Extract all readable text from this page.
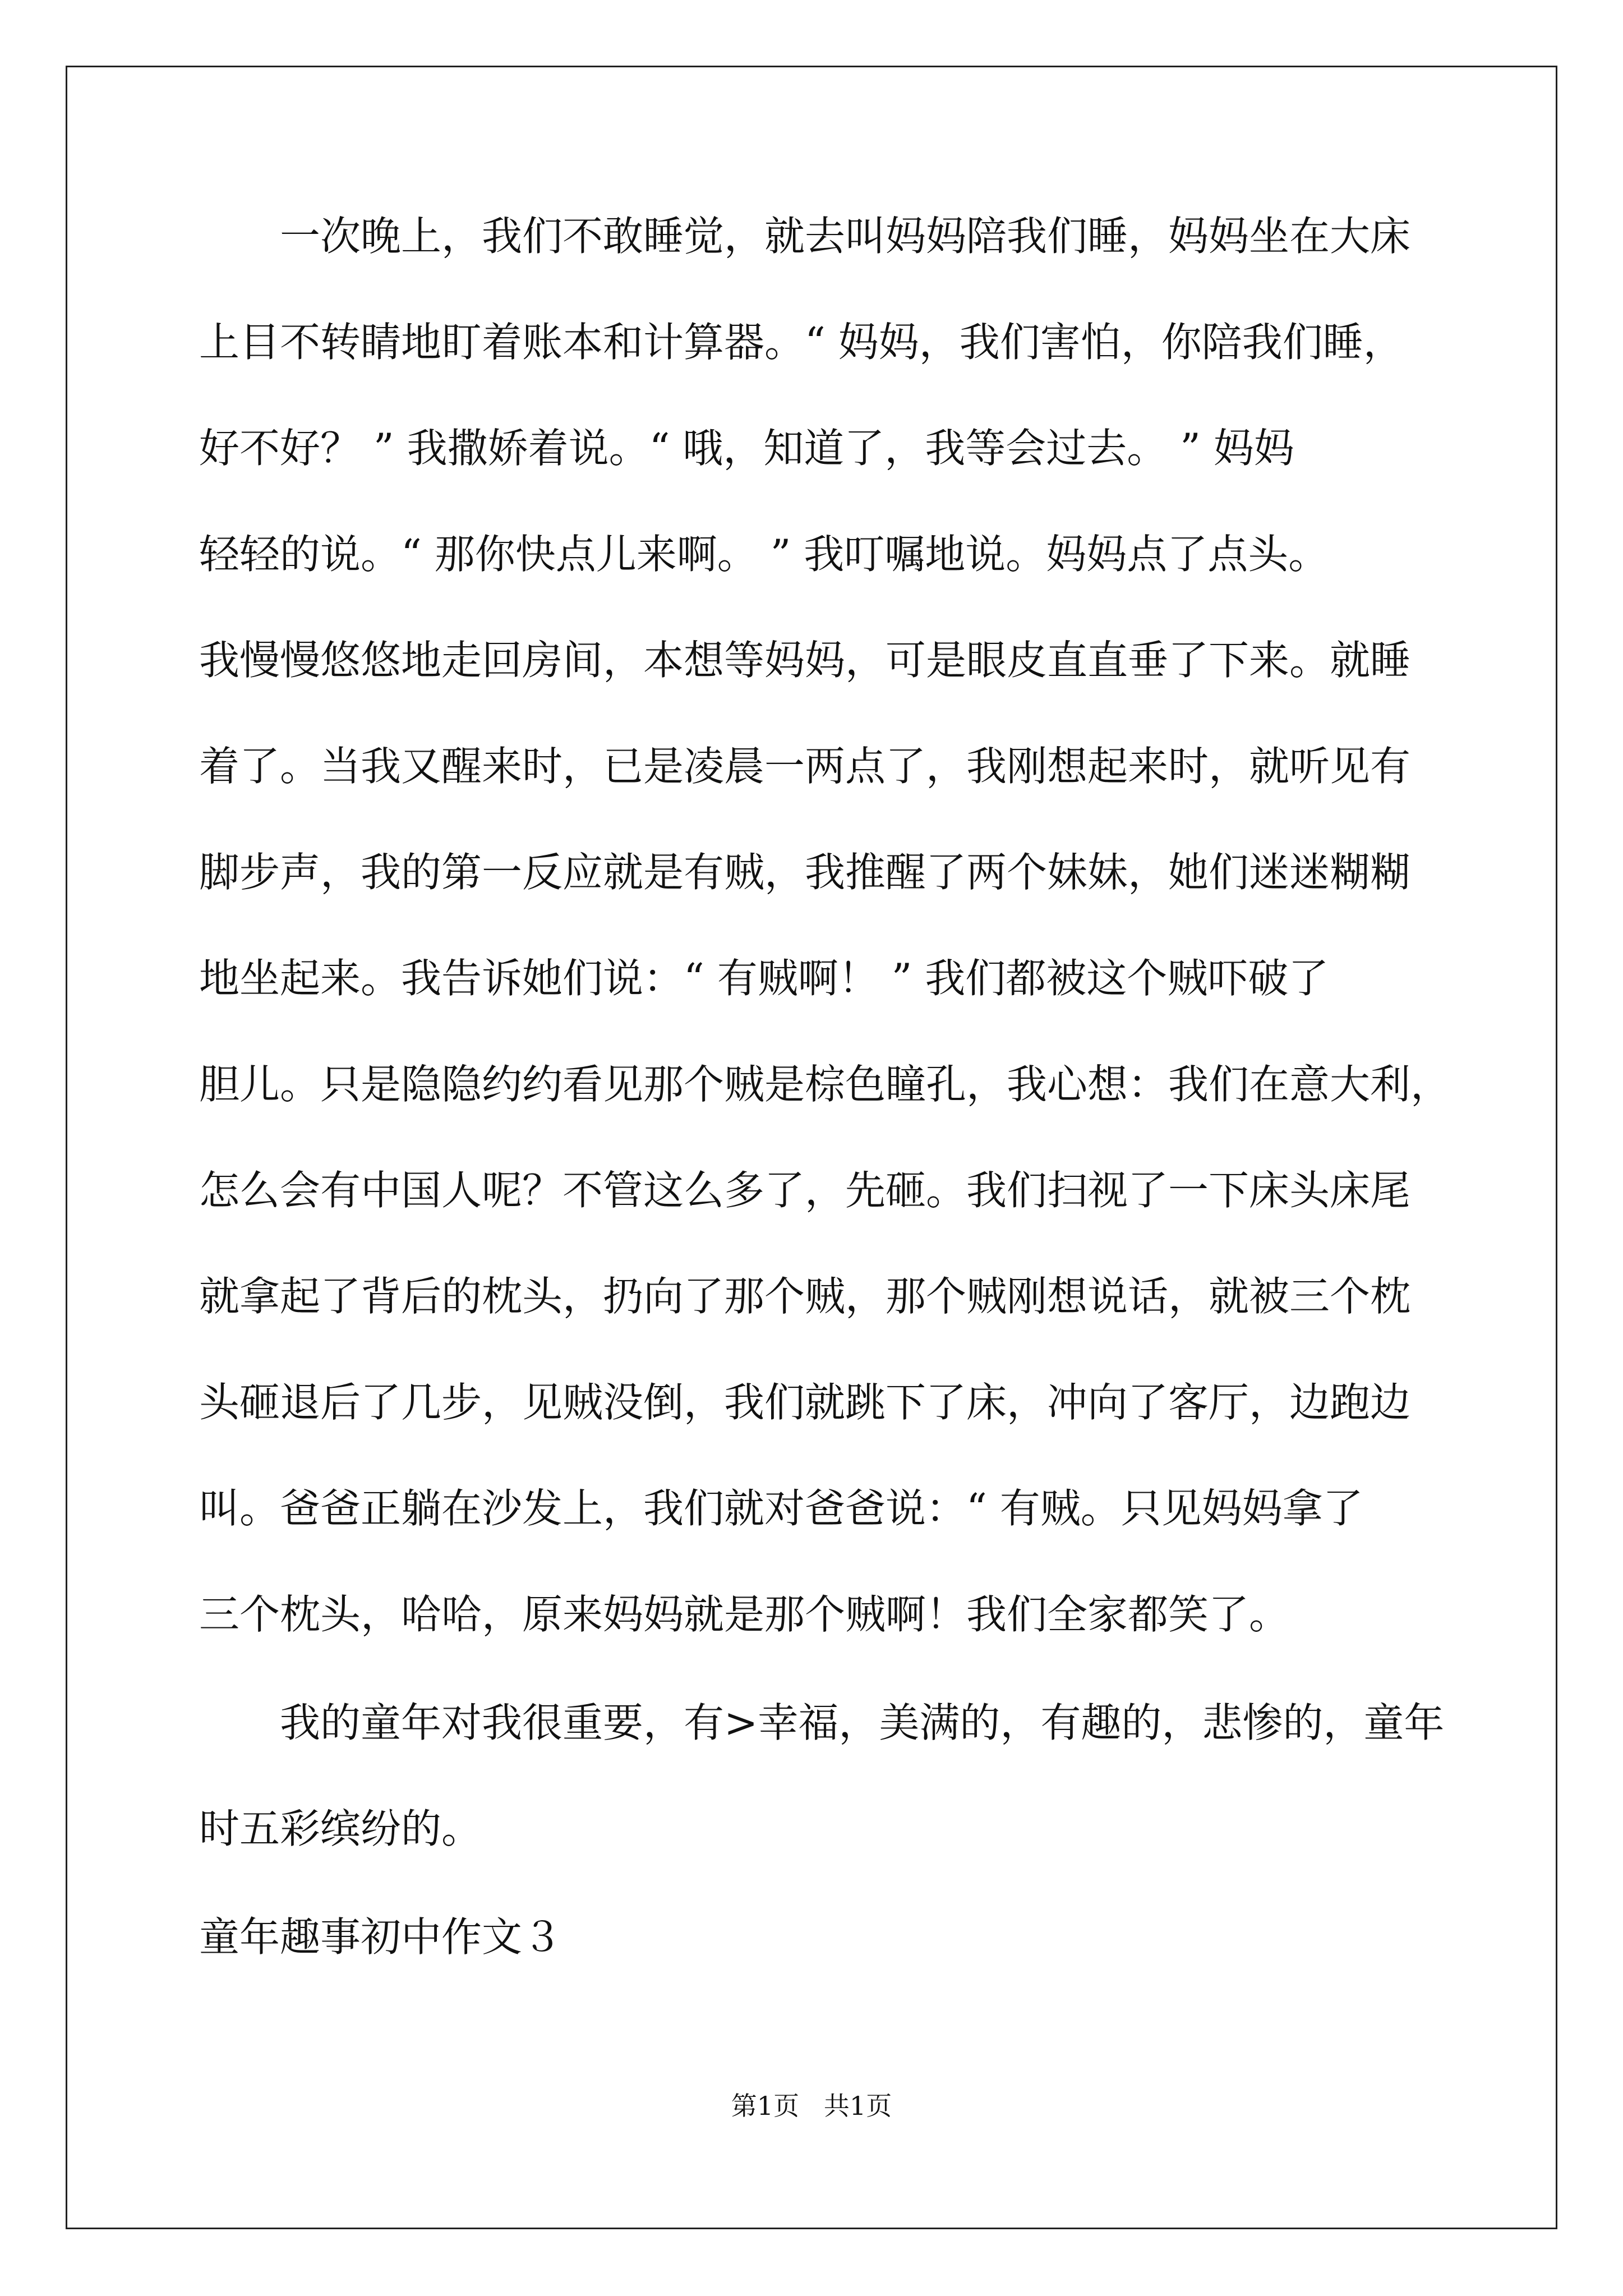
　　一次晚上，我们不敢睡觉，就去叫妈妈陪我们睡，妈妈坐在大床
上目不转睛地盯着账本和计算器。“ 妈妈，我们害怕，你陪我们睡，
好不好？ ” 我撒娇着说。“ 哦，知道了，我等会过去。 ” 妈妈
轻轻的说。“ 那你快点儿来啊。 ” 我叮嘱地说。妈妈点了点头。
我慢慢悠悠地走回房间，本想等妈妈，可是眼皮直直垂了下来。就睡
着了。当我又醒来时，已是凌晨一两点了，我刚想起来时，就听见有
脚步声，我的第一反应就是有贼，我推醒了两个妹妹，她们迷迷糊糊
地坐起来。我告诉她们说：“ 有贼啊！ ” 我们都被这个贼吓破了
胆儿。只是隐隐约约看见那个贼是棕色瞳孔，我心想：我们在意大利，
怎么会有中国人呢？不管这么多了，先砸。我们扫视了一下床头床尾
就拿起了背后的枕头，扔向了那个贼，那个贼刚想说话，就被三个枕
头砸退后了几步，见贼没倒，我们就跳下了床，冲向了客厅，边跑边
叫。爸爸正躺在沙发上，我们就对爸爸说：“ 有贼。只见妈妈拿了
三个枕头，哈哈，原来妈妈就是那个贼啊！我们全家都笑了。
　　我的童年对我很重要，有>幸福，美满的，有趣的，悲惨的，童年
时五彩缤纷的。
童年趣事初中作文３
第1页   共1页
